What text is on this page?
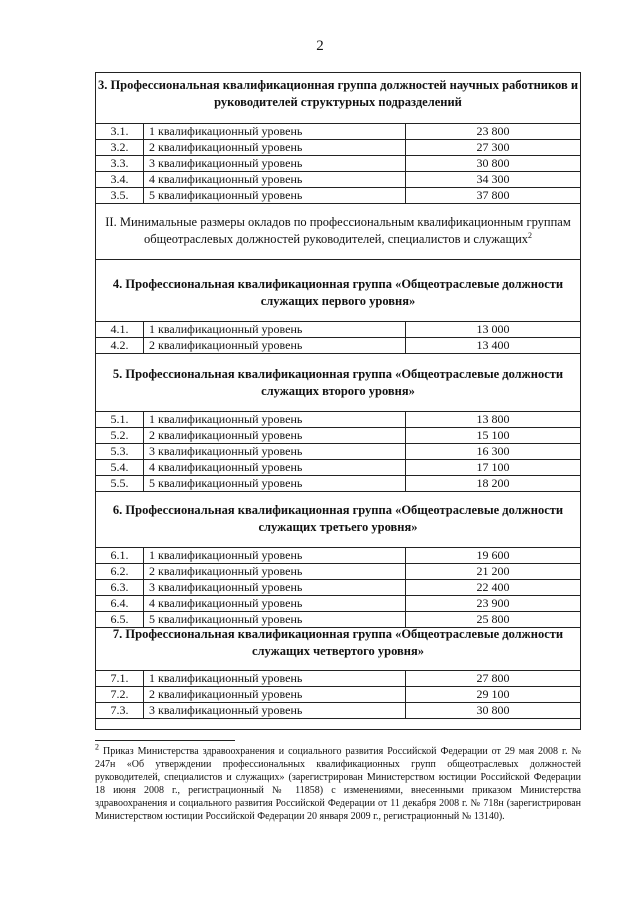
2
3. Профессиональная квалификационная группа должностей научных работников и руководителей структурных подразделений
3.1.	1 квалификационный уровень	23 800
3.2.	2 квалификационный уровень	27 300
3.3.	3 квалификационный уровень	30 800
3.4.	4 квалификационный уровень	34 300
3.5.	5 квалификационный уровень	37 800
II. Минимальные размеры окладов по профессиональным квалификационным группам общеотраслевых должностей руководителей, специалистов и служащих$^2$
4. Профессиональная квалификационная группа «Общеотраслевые должности служащих первого уровня»
4.1.	1 квалификационный уровень	13 000
4.2.	2 квалификационный уровень	13 400
5. Профессиональная квалификационная группа «Общеотраслевые должности служащих второго уровня»
5.1.	1 квалификационный уровень	13 800
5.2.	2 квалификационный уровень	15 100
5.3.	3 квалификационный уровень	16 300
5.4.	4 квалификационный уровень	17 100
5.5.	5 квалификационный уровень	18 200
6. Профессиональная квалификационная группа «Общеотраслевые должности служащих третьего уровня»
6.1.	1 квалификационный уровень	19 600
6.2.	2 квалификационный уровень	21 200
6.3.	3 квалификационный уровень	22 400
6.4.	4 квалификационный уровень	23 900
6.5.	5 квалификационный уровень	25 800
7. Профессиональная квалификационная группа «Общеотраслевые должности служащих четвертого уровня»
7.1.	1 квалификационный уровень	27 800
7.2.	2 квалификационный уровень	29 100
7.3.	3 квалификационный уровень	30 800
$^2$ Приказ Министерства здравоохранения и социального развития Российской Федерации от 29 мая 2008 г. № 247н «Об утверждении профессиональных квалификационных групп общеотраслевых должностей руководителей, специалистов и служащих» (зарегистрирован Министерством юстиции Российской Федерации 18 июня 2008 г., регистрационный № 11858) с изменениями, внесенными приказом Министерства здравоохранения и социального развития Российской Федерации от 11 декабря 2008 г. № 718н (зарегистрирован Министерством юстиции Российской Федерации 20 января 2009 г., регистрационный № 13140).
